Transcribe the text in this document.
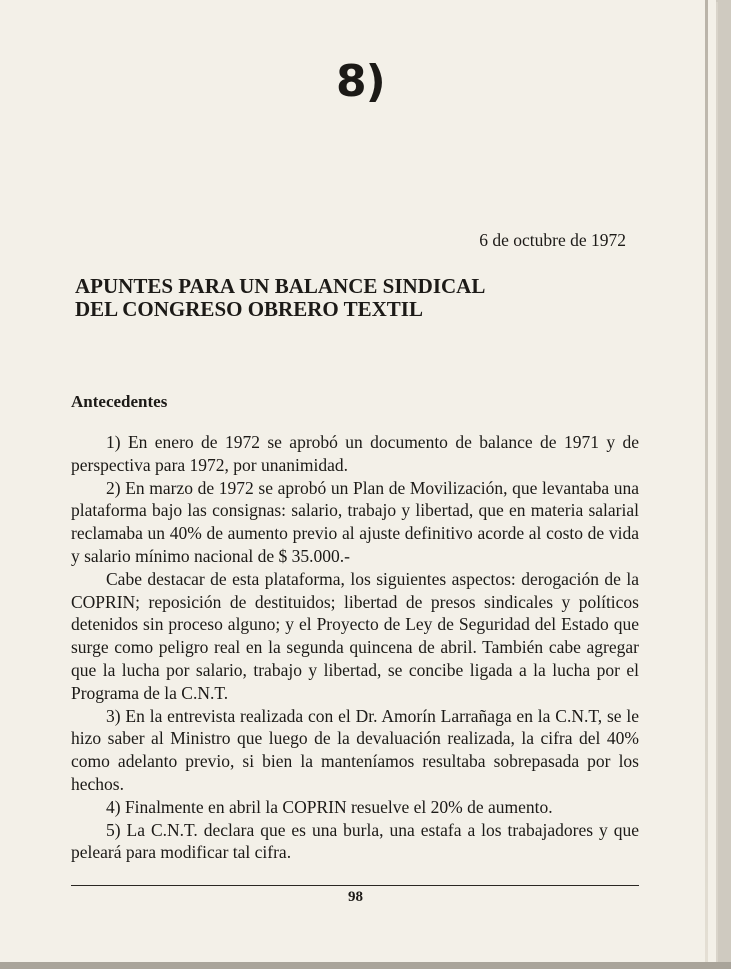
8)
6 de octubre de 1972
APUNTES PARA UN BALANCE SINDICAL
DEL CONGRESO OBRERO TEXTIL
Antecedentes

1) En enero de 1972 se aprobó un documento de balance de 1971 y de perspectiva para 1972, por unanimidad.

2) En marzo de 1972 se aprobó un Plan de Movilización, que levantaba una plataforma bajo las consignas: salario, trabajo y libertad, que en materia salarial reclamaba un 40% de aumento previo al ajuste definitivo acorde al costo de vida y salario mínimo nacional de $ 35.000.-

Cabe destacar de esta plataforma, los siguientes aspectos: derogación de la COPRIN; reposición de destituidos; libertad de presos sindicales y políticos detenidos sin proceso alguno; y el Proyecto de Ley de Seguridad del Estado que surge como peligro real en la segunda quincena de abril. También cabe agregar que la lucha por salario, trabajo y libertad, se concibe ligada a la lucha por el Programa de la C.N.T.

3) En la entrevista realizada con el Dr. Amorín Larrañaga en la C.N.T, se le hizo saber al Ministro que luego de la devaluación realizada, la cifra del 40% como adelanto previo, si bien la manteníamos resultaba sobrepasada por los hechos.

4) Finalmente en abril la COPRIN resuelve el 20% de aumento.

5) La C.N.T. declara que es una burla, una estafa a los trabajadores y que peleará para modificar tal cifra.

98
